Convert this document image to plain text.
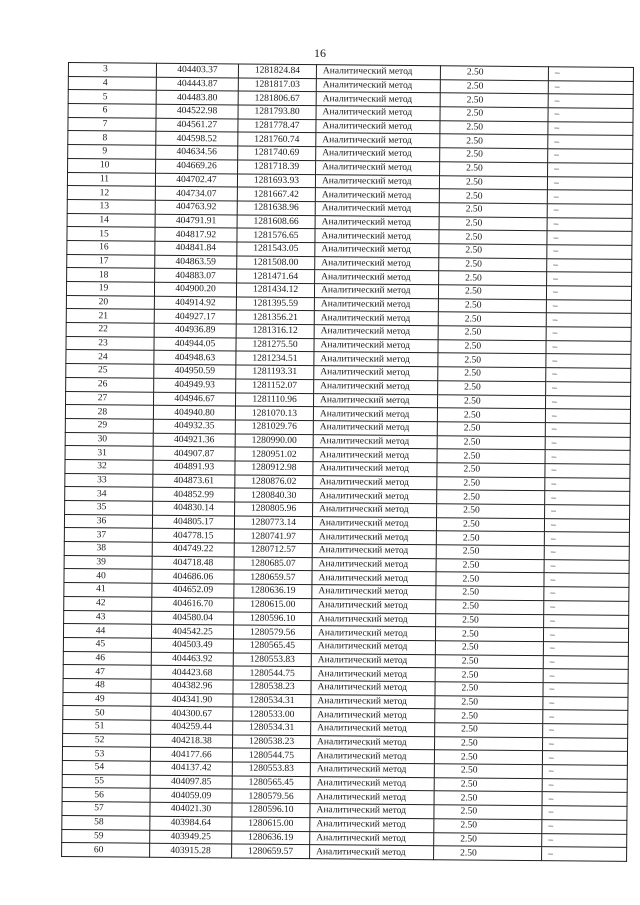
16
3	404403.37	1281824.84	Аналитический метод	2.50	–
4	404443.87	1281817.03	Аналитический метод	2.50	–
5	404483.80	1281806.67	Аналитический метод	2.50	–
6	404522.98	1281793.80	Аналитический метод	2.50	–
7	404561.27	1281778.47	Аналитический метод	2.50	–
8	404598.52	1281760.74	Аналитический метод	2.50	–
9	404634.56	1281740.69	Аналитический метод	2.50	–
10	404669.26	1281718.39	Аналитический метод	2.50	–
11	404702.47	1281693.93	Аналитический метод	2.50	–
12	404734.07	1281667.42	Аналитический метод	2.50	–
13	404763.92	1281638.96	Аналитический метод	2.50	–
14	404791.91	1281608.66	Аналитический метод	2.50	–
15	404817.92	1281576.65	Аналитический метод	2.50	–
16	404841.84	1281543.05	Аналитический метод	2.50	–
17	404863.59	1281508.00	Аналитический метод	2.50	–
18	404883.07	1281471.64	Аналитический метод	2.50	–
19	404900.20	1281434.12	Аналитический метод	2.50	–
20	404914.92	1281395.59	Аналитический метод	2.50	–
21	404927.17	1281356.21	Аналитический метод	2.50	–
22	404936.89	1281316.12	Аналитический метод	2.50	–
23	404944.05	1281275.50	Аналитический метод	2.50	–
24	404948.63	1281234.51	Аналитический метод	2.50	–
25	404950.59	1281193.31	Аналитический метод	2.50	–
26	404949.93	1281152.07	Аналитический метод	2.50	–
27	404946.67	1281110.96	Аналитический метод	2.50	–
28	404940.80	1281070.13	Аналитический метод	2.50	–
29	404932.35	1281029.76	Аналитический метод	2.50	–
30	404921.36	1280990.00	Аналитический метод	2.50	–
31	404907.87	1280951.02	Аналитический метод	2.50	–
32	404891.93	1280912.98	Аналитический метод	2.50	–
33	404873.61	1280876.02	Аналитический метод	2.50	–
34	404852.99	1280840.30	Аналитический метод	2.50	–
35	404830.14	1280805.96	Аналитический метод	2.50	–
36	404805.17	1280773.14	Аналитический метод	2.50	–
37	404778.15	1280741.97	Аналитический метод	2.50	–
38	404749.22	1280712.57	Аналитический метод	2.50	–
39	404718.48	1280685.07	Аналитический метод	2.50	–
40	404686.06	1280659.57	Аналитический метод	2.50	–
41	404652.09	1280636.19	Аналитический метод	2.50	–
42	404616.70	1280615.00	Аналитический метод	2.50	–
43	404580.04	1280596.10	Аналитический метод	2.50	–
44	404542.25	1280579.56	Аналитический метод	2.50	–
45	404503.49	1280565.45	Аналитический метод	2.50	–
46	404463.92	1280553.83	Аналитический метод	2.50	–
47	404423.68	1280544.75	Аналитический метод	2.50	–
48	404382.96	1280538.23	Аналитический метод	2.50	–
49	404341.90	1280534.31	Аналитический метод	2.50	–
50	404300.67	1280533.00	Аналитический метод	2.50	–
51	404259.44	1280534.31	Аналитический метод	2.50	–
52	404218.38	1280538.23	Аналитический метод	2.50	–
53	404177.66	1280544.75	Аналитический метод	2.50	–
54	404137.42	1280553.83	Аналитический метод	2.50	–
55	404097.85	1280565.45	Аналитический метод	2.50	–
56	404059.09	1280579.56	Аналитический метод	2.50	–
57	404021.30	1280596.10	Аналитический метод	2.50	–
58	403984.64	1280615.00	Аналитический метод	2.50	–
59	403949.25	1280636.19	Аналитический метод	2.50	–
60	403915.28	1280659.57	Аналитический метод	2.50	–
